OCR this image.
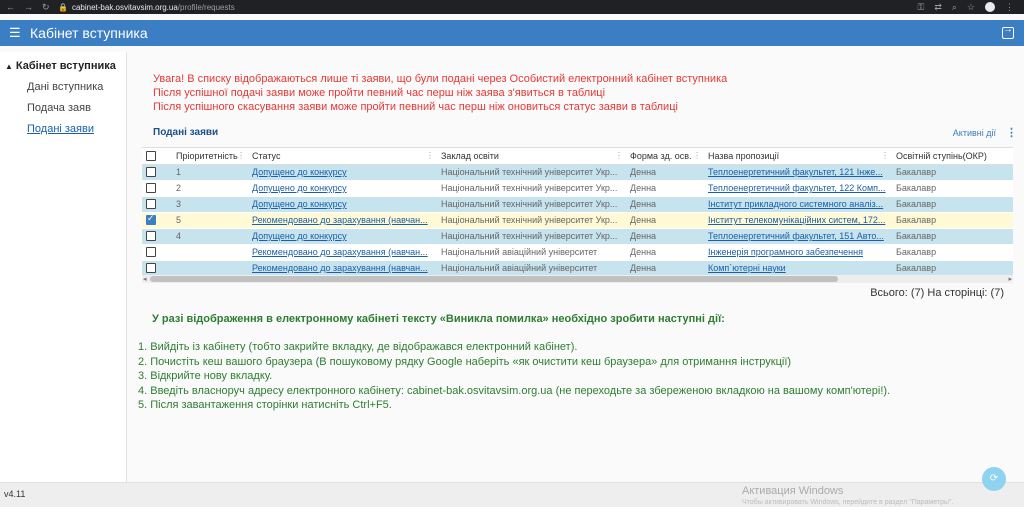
← → ↻ 🔒 cabinet-bak.osvitavsim.org.ua /profile/requests	⚿ ⇄ ⌕ ☆	⋮
☰ Кабінет вступника
→
▲ Кабінет вступника
Дані вступника
Подача заяв
Подані заяви
Увага! В списку відображаються лише ті заяви, що були подані через Особистий електронний кабінет вступника
Після успішної подачі заяви може пройти певний час перш ніж заява з'явиться в таблиці
Після успішного скасування заяви може пройти певний час перш ніж оновиться статус заяви в таблиці
Подані заяви	Активні дії ⋮
	Пріоритетність ⋮	Статус ⋮	Заклад освіти ⋮	Форма зд. осв. ⋮	Назва пропозиції ⋮	Освітній ступінь(ОКР)
	1	Допущено до конкурсу	Національний технічний університет Укр...	Денна	Теплоенергетичний факультет, 121 Інже...	Бакалавр
	2	Допущено до конкурсу	Національний технічний університет Укр...	Денна	Теплоенергетичний факультет, 122 Комп...	Бакалавр
	3	Допущено до конкурсу	Національний технічний університет Укр...	Денна	Інститут прикладного системного аналіз...	Бакалавр
✓	5	Рекомендовано до зарахування (навчан...	Національний технічний університет Укр...	Денна	Інститут телекомунікаційних систем, 172...	Бакалавр
	4	Допущено до конкурсу	Національний технічний університет Укр...	Денна	Теплоенергетичний факультет, 151 Авто...	Бакалавр
		Рекомендовано до зарахування (навчан...	Національний авіаційний університет	Денна	Інженерія програмного забезпечення	Бакалавр
		Рекомендовано до зарахування (навчан...	Національний авіаційний університет	Денна	Комп`ютерні науки	Бакалавр
◂	▸
Всього: (7) На сторінці: (7)
У разі відображення в електронному кабінеті тексту «Виникла помилка» необхідно зробити наступні дії:
1. Вийдіть із кабінету (тобто закрийте вкладку, де відображався електронний кабінет).
2. Почистіть кеш вашого браузера (В пошуковому рядку Google наберіть «як очистити кеш браузера» для отримання інструкції)
3. Відкрийте нову вкладку.
4. Введіть власноруч адресу електронного кабінету: cabinet-bak.osvitavsim.org.ua (не переходьте за збереженою вкладкою на вашому комп'ютері!).
5. Після завантаження сторінки натисніть Ctrl+F5.
v4.11	Активация Windows
Чтобы активировать Windows, перейдите в раздел "Параметры".
⟳
